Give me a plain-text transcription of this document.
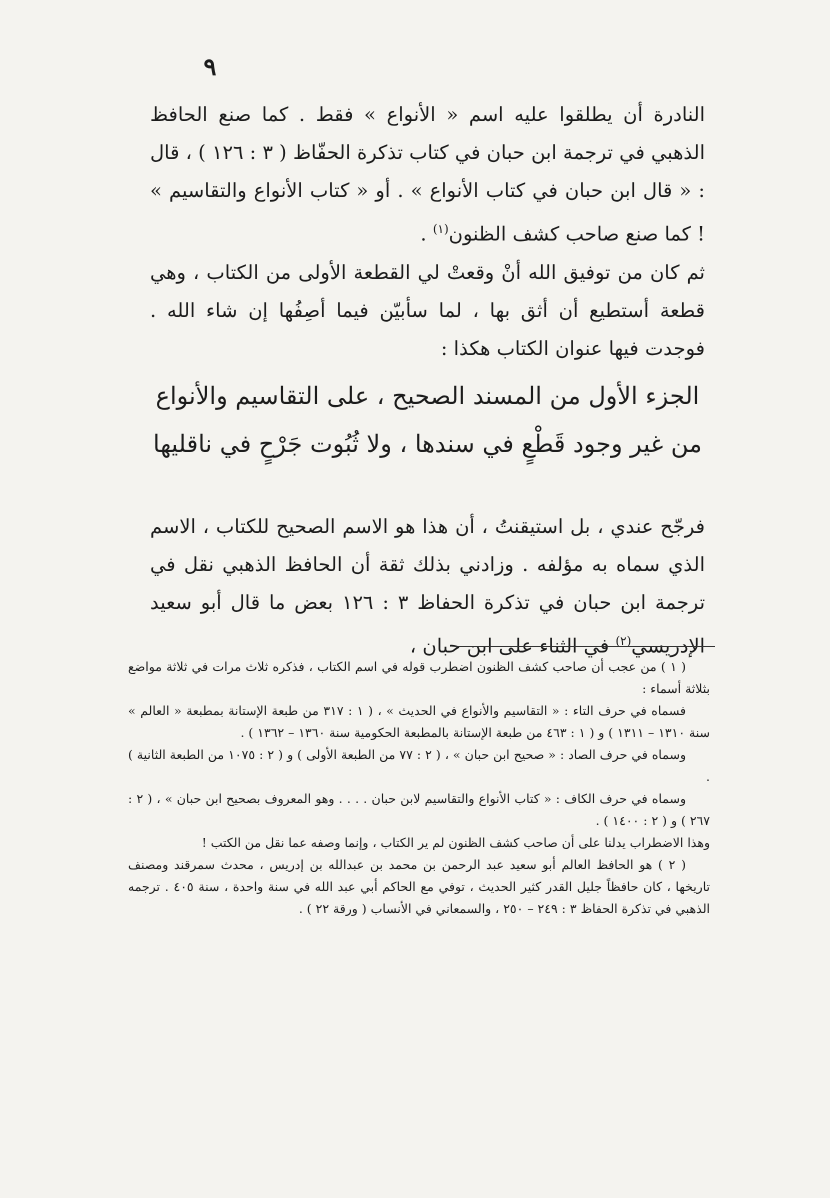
٩

النادرة أن يطلقوا عليه اسم « الأنواع » فقط . كما صنع الحافظ الذهبي في ترجمة ابن حبان في كتاب تذكرة الحفّاظ ( ٣ : ١٢٦ ) ، قال : « قال ابن حبان في كتاب الأنواع » . أو « كتاب الأنواع والتقاسيم » ! كما صنع صاحب كشف الظنون$^{(١)}$ .

ثم كان من توفيق الله أنْ وقعتْ لي القطعة الأولى من الكتاب ، وهي قطعة أستطيع أن أثق بها ، لما سأبيّن فيما أصِفُها إن شاء الله . فوجدت فيها عنوان الكتاب هكذا :

الجزء الأول من المسند الصحيح ، على التقاسيم والأنواع
من غير وجود قَطْعٍ في سندها ، ولا ثُبُوت جَرْحٍ في ناقليها

فرجّح عندي ، بل استيقنتُ ، أن هذا هو الاسم الصحيح للكتاب ، الاسم الذي سماه به مؤلفه . وزادني بذلك ثقة أن الحافظ الذهبي نقل في ترجمة ابن حبان في تذكرة الحفاظ ٣ : ١٢٦ بعض ما قال أبو سعيد الإدريسي$^{(٢)}$ في الثناء على ابن حبان ،

( ١ ) من عجب أن صاحب كشف الظنون اضطرب قوله في اسم الكتاب ، فذكره ثلاث مرات في ثلاثة مواضع بثلاثة أسماء :

فسماه في حرف التاء : « التقاسيم والأنواع في الحديث » ، ( ١ : ٣١٧ من طبعة الإستانة بمطبعة « العالم » سنة ١٣١٠ – ١٣١١ ) و ( ١ : ٤٦٣ من طبعة الإستانة بالمطبعة الحكومية سنة ١٣٦٠ – ١٣٦٢ ) .

وسماه في حرف الصاد : « صحيح ابن حبان » ، ( ٢ : ٧٧ من الطبعة الأولى ) و ( ٢ : ١٠٧٥ من الطبعة الثانية ) .

وسماه في حرف الكاف : « كتاب الأنواع والتقاسيم لابن حبان . . . . وهو المعروف بصحيح ابن حبان » ، ( ٢ : ٢٦٧ ) و ( ٢ : ١٤٠٠ ) .

وهذا الاضطراب يدلنا على أن صاحب كشف الظنون لم ير الكتاب ، وإنما وصفه عما نقل من الكتب !

( ٢ ) هو الحافظ العالم أبو سعيد عبد الرحمن بن محمد بن عبدالله بن إدريس ، محدث سمرقند ومصنف تاريخها ، كان حافظاً جليل القدر كثير الحديث ، توفي مع الحاكم أبي عبد الله في سنة واحدة ، سنة ٤٠٥ . ترجمه الذهبي في تذكرة الحفاظ ٣ : ٢٤٩ – ٢٥٠ ، والسمعاني في الأنساب ( ورقة ٢٢ ) .
